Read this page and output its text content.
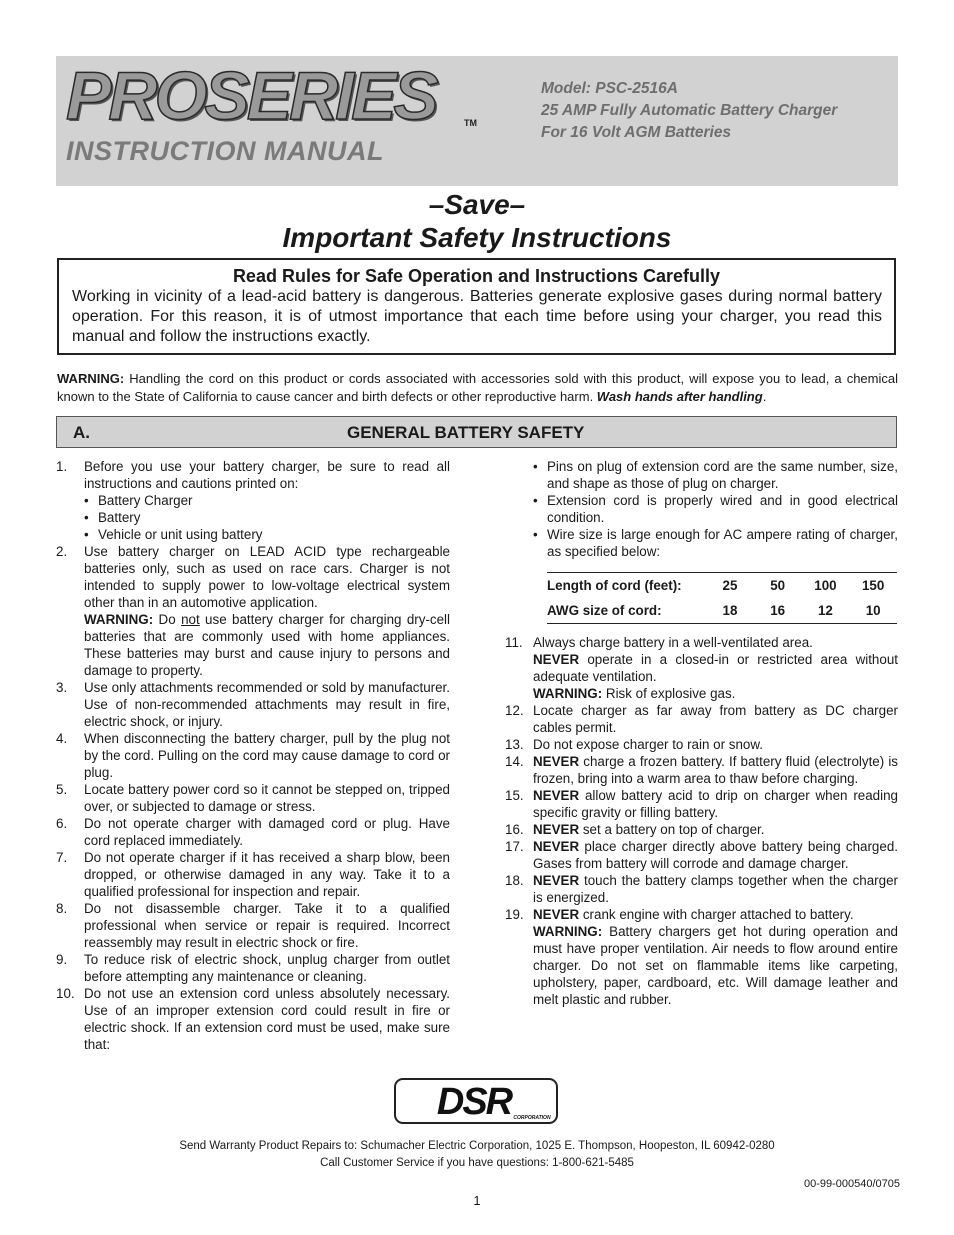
PROSERIES	TM
INSTRUCTION MANUAL
Model: PSC-2516A
25 AMP Fully Automatic Battery Charger
For 16 Volt AGM Batteries
–Save–
Important Safety Instructions
Read Rules for Safe Operation and Instructions Carefully
Working in vicinity of a lead-acid battery is dangerous. Batteries generate explosive gases during normal battery operation. For this reason, it is of utmost importance that each time before using your charger, you read this manual and follow the instructions exactly.
WARNING: Handling the cord on this product or cords associated with accessories sold with this product, will expose you to lead, a chemical known to the State of California to cause cancer and birth defects or other reproductive harm. Wash hands after handling.
A.	GENERAL BATTERY SAFETY
1. Before you use your battery charger, be sure to read all instructions and cautions printed on:
• Battery Charger
• Battery
• Vehicle or unit using battery
2. Use battery charger on LEAD ACID type rechargeable batteries only, such as used on race cars. Charger is not intended to supply power to low-voltage electrical system other than in an automotive application.
WARNING: Do not use battery charger for charging dry-cell batteries that are commonly used with home appliances. These batteries may burst and cause injury to persons and damage to property.
3. Use only attachments recommended or sold by manufacturer. Use of non-recommended attachments may result in fire, electric shock, or injury.
4. When disconnecting the battery charger, pull by the plug not by the cord. Pulling on the cord may cause damage to cord or plug.
5. Locate battery power cord so it cannot be stepped on, tripped over, or subjected to damage or stress.
6. Do not operate charger with damaged cord or plug. Have cord replaced immediately.
7. Do not operate charger if it has received a sharp blow, been dropped, or otherwise damaged in any way. Take it to a qualified professional for inspection and repair.
8. Do not disassemble charger. Take it to a qualified professional when service or repair is required. Incorrect reassembly may result in electric shock or fire.
9. To reduce risk of electric shock, unplug charger from outlet before attempting any maintenance or cleaning.
10. Do not use an extension cord unless absolutely necessary. Use of an improper extension cord could result in fire or electric shock. If an extension cord must be used, make sure that:
• Pins on plug of extension cord are the same number, size, and shape as those of plug on charger.
• Extension cord is properly wired and in good electrical condition.
• Wire size is large enough for AC ampere rating of charger, as specified below:
Length of cord (feet):	25	50	100	150
AWG size of cord:	18	16	12	10
11. Always charge battery in a well-ventilated area.
NEVER operate in a closed-in or restricted area without adequate ventilation.
WARNING: Risk of explosive gas.
12. Locate charger as far away from battery as DC charger cables permit.
13. Do not expose charger to rain or snow.
14. NEVER charge a frozen battery. If battery fluid (electrolyte) is frozen, bring into a warm area to thaw before charging.
15. NEVER allow battery acid to drip on charger when reading specific gravity or filling battery.
16. NEVER set a battery on top of charger.
17. NEVER place charger directly above battery being charged. Gases from battery will corrode and damage charger.
18. NEVER touch the battery clamps together when the charger is energized.
19. NEVER crank engine with charger attached to battery.
WARNING: Battery chargers get hot during operation and must have proper ventilation. Air needs to flow around entire charger. Do not set on flammable items like carpeting, upholstery, paper, cardboard, etc. Will damage leather and melt plastic and rubber.
DSR CORPORATION
Send Warranty Product Repairs to: Schumacher Electric Corporation, 1025 E. Thompson, Hoopeston, IL 60942-0280
Call Customer Service if you have questions: 1-800-621-5485
00-99-000540/0705
1
